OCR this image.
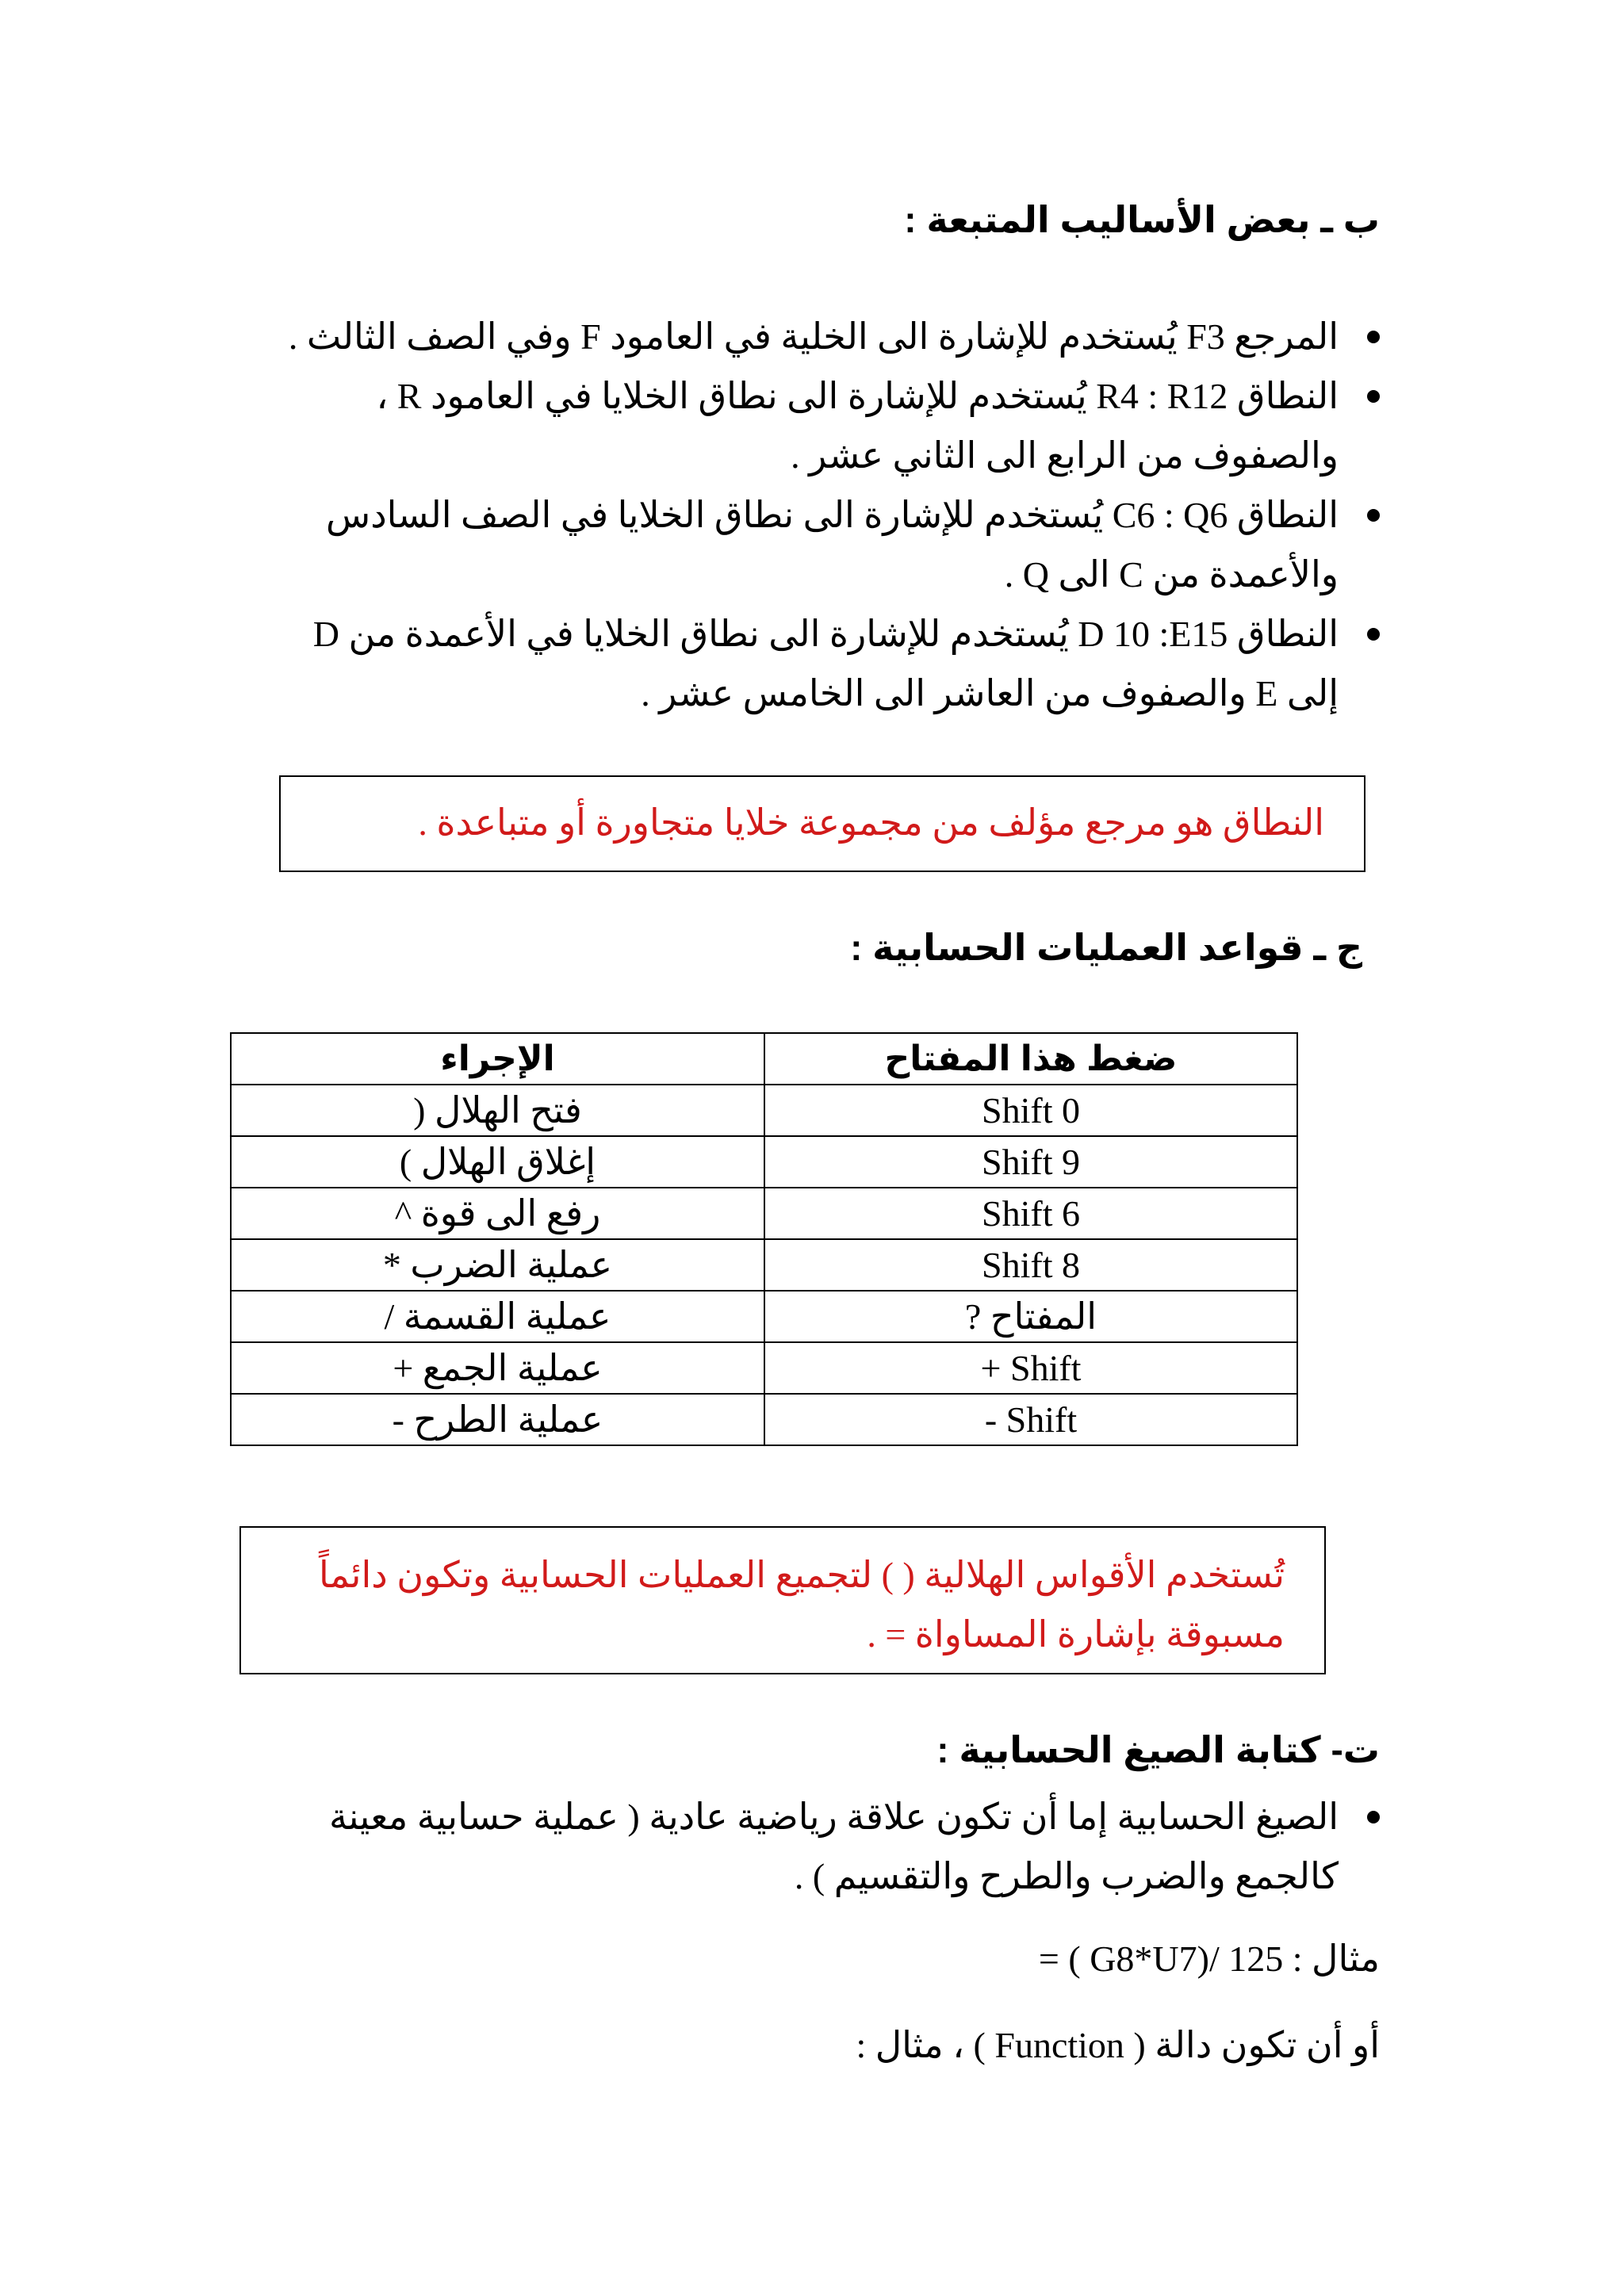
ب ـ بعض الأساليب المتبعة :
المرجع F3 يُستخدم للإشارة الى الخلية في العامود F وفي الصف الثالث .
النطاق R4 : R12 يُستخدم للإشارة الى نطاق الخلايا في العامود R ، والصفوف من الرابع الى الثاني عشر .
النطاق C6 : Q6 يُستخدم للإشارة الى نطاق الخلايا في الصف السادس والأعمدة من C الى Q .
النطاق D 10 :E15 يُستخدم للإشارة الى نطاق الخلايا في الأعمدة من D إلى E والصفوف من العاشر الى الخامس عشر .
النطاق هو مرجع مؤلف من مجموعة خلايا متجاورة أو متباعدة .
ج ـ قواعد العمليات الحسابية :
ضغط هذا المفتاح	الإجراء
Shift 0	فتح الهلال (
Shift 9	إغلاق الهلال )
Shift 6	رفع الى قوة ^
Shift 8	عملية الضرب *
المفتاح ?	عملية القسمة /
Shift +	عملية الجمع +
Shift -	عملية الطرح -
تُستخدم الأقواس الهلالية ( ) لتجميع العمليات الحسابية وتكون دائماً مسبوقة بإشارة المساواة = .
ت- كتابة الصيغ الحسابية :
الصيغ الحسابية إما أن تكون علاقة رياضية عادية ( عملية حسابية معينة كالجمع والضرب والطرح والتقسيم ) .
مثال : 125 /(G8*U7 ) =
أو أن تكون دالة ( Function ) ، مثال :
